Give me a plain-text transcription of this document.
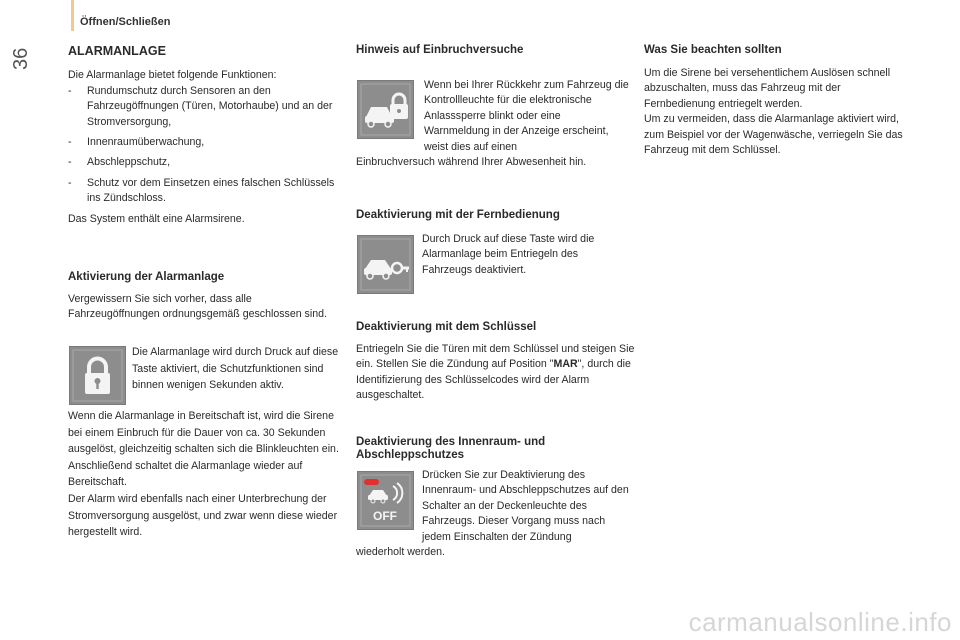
36
Öffnen/Schließen
ALARMANLAGE

Die Alarmanlage bietet folgende Funktionen:

- Rundumschutz durch Sensoren an den Fahrzeugöffnungen (Türen, Motorhaube) und an der Stromversorgung,
- Innenraumüberwachung,
- Abschleppschutz,
- Schutz vor dem Einsetzen eines falschen Schlüssels ins Zündschloss.

Das System enthält eine Alarmsirene.

Aktivierung der Alarmanlage

Vergewissern Sie sich vorher, dass alle Fahrzeugöffnungen ordnungsgemäß geschlossen sind.

Die Alarmanlage wird durch Druck auf diese Taste aktiviert, die Schutzfunktionen sind binnen wenigen Sekunden aktiv.

Wenn die Alarmanlage in Bereitschaft ist, wird die Sirene bei einem Einbruch für die Dauer von ca. 30 Sekunden ausgelöst, gleichzeitig schalten sich die Blinkleuchten ein.

Anschließend schaltet die Alarmanlage wieder auf Bereitschaft.

Der Alarm wird ebenfalls nach einer Unterbrechung der Stromversorgung ausgelöst, und zwar wenn diese wieder hergestellt wird.

Hinweis auf Einbruchversuche
Wenn bei Ihrer Rückkehr zum Fahrzeug die Kontrollleuchte für die elektronische Anlasssperre blinkt oder eine Warnmeldung in der Anzeige erscheint, weist dies auf einen
Einbruchversuch während Ihrer Abwesenheit hin.
Deaktivierung mit der Fernbedienung
Durch Druck auf diese Taste wird die Alarmanlage beim Entriegeln des Fahrzeugs deaktiviert.
Deaktivierung mit dem Schlüssel

Entriegeln Sie die Türen mit dem Schlüssel und steigen Sie ein. Stellen Sie die Zündung auf Position "MAR", durch die Identifizierung des Schlüsselcodes wird der Alarm ausgeschaltet.

Deaktivierung des Innenraum- und Abschleppschutzes
OFF
Drücken Sie zur Deaktivierung des Innenraum- und Abschleppschutzes auf den Schalter an der Deckenleuchte des Fahrzeugs. Dieser Vorgang muss nach jedem Einschalten der Zündung
wiederholt werden.
Was Sie beachten sollten

Um die Sirene bei versehentlichem Auslösen schnell abzuschalten, muss das Fahrzeug mit der Fernbedienung entriegelt werden.

Um zu vermeiden, dass die Alarmanlage aktiviert wird, zum Beispiel vor der Wagenwäsche, verriegeln Sie das Fahrzeug mit dem Schlüssel.

carmanualsonline.info
